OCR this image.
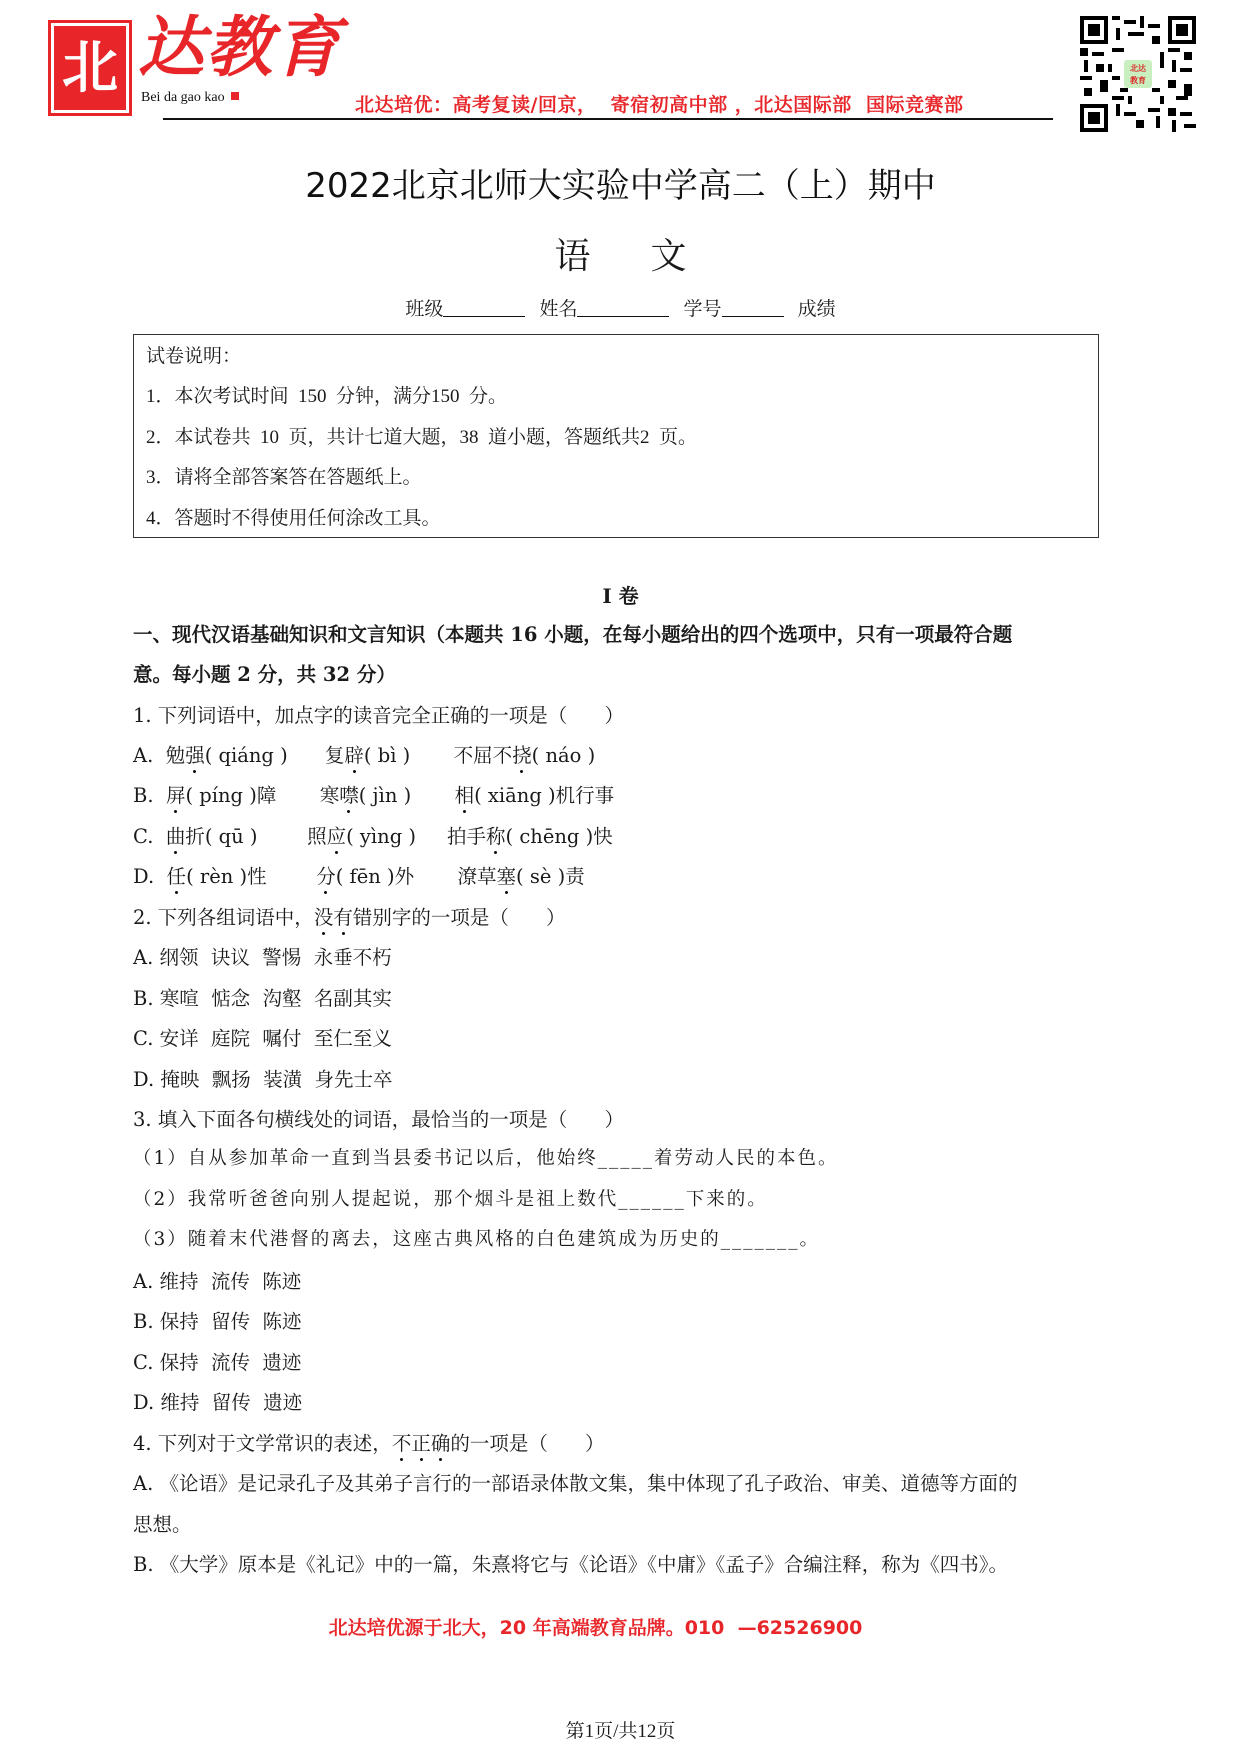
北 达教育
Bei da gao kao	北达培优：高考复读/回京，  寄宿初高中部 ，北达国际部  国际竞赛部
北达
教育
2022北京北师大实验中学高二（上）期中
语文
班级	姓名	学号	成绩
试卷说明：
1．本次考试时间  150  分钟，满分150  分。
2．本试卷共  10  页，共计七道大题，38  道小题，答题纸共2  页。
3．请将全部答案答在答题纸上。
4．答题时不得使用任何涂改工具。
Ⅰ 卷
一、现代汉语基础知识和文言知识（本题共 16 小题，在每小题给出的四个选项中，只有一项最符合题
意。每小题 2 分，共 32 分）
1. 下列词语中，加点字的读音完全正确的一项是（      ）
A.  勉强( qiáng )      复辟( bì )       不屈不挠( náo )
B.  屏( píng )障       寒噤( jìn )       相( xiāng )机行事
C.  曲折( qū )        照应( yìng )     拍手称( chēng )快
D.  任( rèn )性        分( fēn )外       潦草塞( sè )责
2. 下列各组词语中，没有错别字的一项是（      ）
A. 纲领  诀议  警惕  永垂不朽
B. 寒喧  惦念  沟壑  名副其实
C. 安详  庭院  嘱付  至仁至义
D. 掩映  飘扬  装潢  身先士卒
3. 填入下面各句横线处的词语，最恰当的一项是（      ）
（1）自从参加革命一直到当县委书记以后，他始终_____着劳动人民的本色。
（2）我常听爸爸向别人提起说，那个烟斗是祖上数代______下来的。
（3）随着末代港督的离去，这座古典风格的白色建筑成为历史的_______。
A. 维持  流传  陈迹
B. 保持  留传  陈迹
C. 保持  流传  遗迹
D. 维持  留传  遗迹
4. 下列对于文学常识的表述，不正确的一项是（      ）
A. 《论语》是记录孔子及其弟子言行的一部语录体散文集，集中体现了孔子政治、审美、道德等方面的
思想。
B. 《大学》原本是《礼记》中的一篇，朱熹将它与《论语》《中庸》《孟子》合编注释，称为《四书》。
北达培优源于北大，20 年高端教育品牌。010  —62526900
第1页/共12页
